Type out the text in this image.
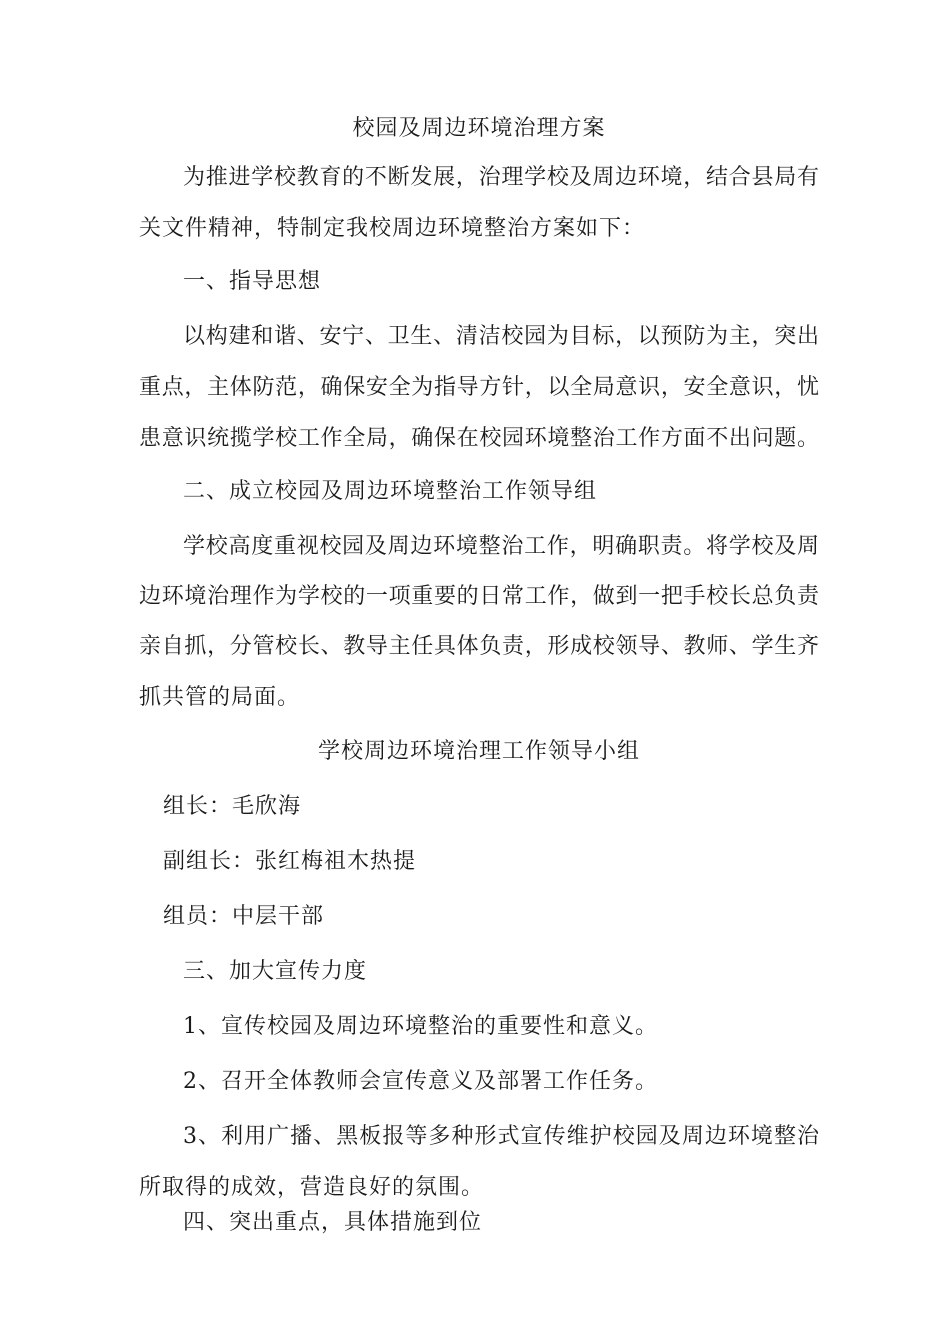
校园及周边环境治理方案
为推进学校教育的不断发展，治理学校及周边环境，结合县局有
关文件精神，特制定我校周边环境整治方案如下：
一、指导思想
以构建和谐、安宁、卫生、清洁校园为目标，以预防为主，突出
重点，主体防范，确保安全为指导方针，以全局意识，安全意识，忧
患意识统揽学校工作全局，确保在校园环境整治工作方面不出问题。
二、成立校园及周边环境整治工作领导组
学校高度重视校园及周边环境整治工作，明确职责。将学校及周
边环境治理作为学校的一项重要的日常工作，做到一把手校长总负责
亲自抓，分管校长、教导主任具体负责，形成校领导、教师、学生齐
抓共管的局面。
学校周边环境治理工作领导小组
组长：毛欣海
副组长：张红梅祖木热提
组员：中层干部
三、加大宣传力度
1、宣传校园及周边环境整治的重要性和意义。
2、召开全体教师会宣传意义及部署工作任务。
3、利用广播、黑板报等多种形式宣传维护校园及周边环境整治
所取得的成效，营造良好的氛围。
四、突出重点，具体措施到位
